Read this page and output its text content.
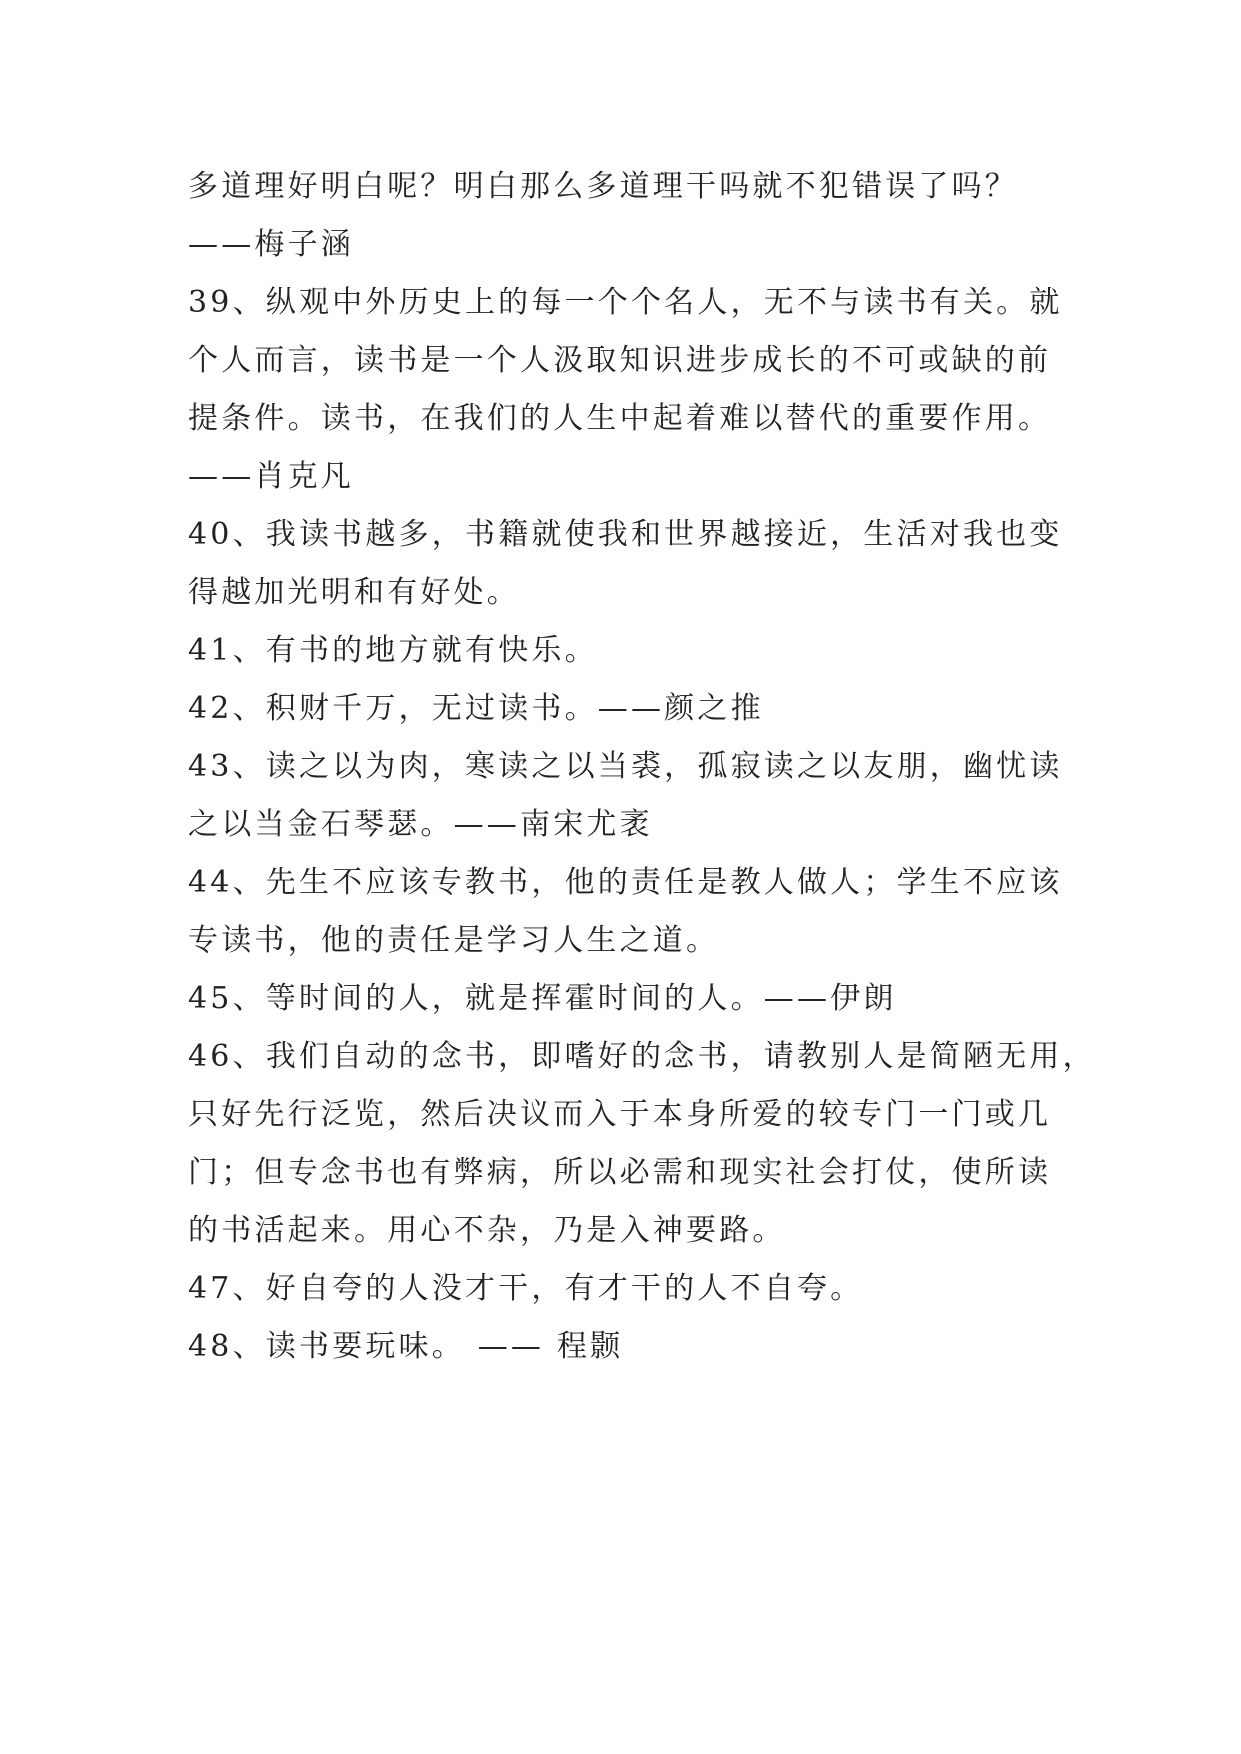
多道理好明白呢？明白那么多道理干吗就不犯错误了吗？
——梅子涵
39、纵观中外历史上的每一个个名人，无不与读书有关。就
个人而言，读书是一个人汲取知识进步成长的不可或缺的前
提条件。读书，在我们的人生中起着难以替代的重要作用。
——肖克凡
40、我读书越多，书籍就使我和世界越接近，生活对我也变
得越加光明和有好处。
41、有书的地方就有快乐。
42、积财千万，无过读书。——颜之推
43、读之以为肉，寒读之以当裘，孤寂读之以友朋，幽忧读
之以当金石琴瑟。——南宋尤袤
44、先生不应该专教书，他的责任是教人做人；学生不应该
专读书，他的责任是学习人生之道。
45、等时间的人，就是挥霍时间的人。——伊朗
46、我们自动的念书，即嗜好的念书，请教别人是简陋无用，
只好先行泛览，然后决议而入于本身所爱的较专门一门或几
门；但专念书也有弊病，所以必需和现实社会打仗，使所读
的书活起来。用心不杂，乃是入神要路。
47、好自夸的人没才干，有才干的人不自夸。
48、读书要玩味。 —— 程颢
